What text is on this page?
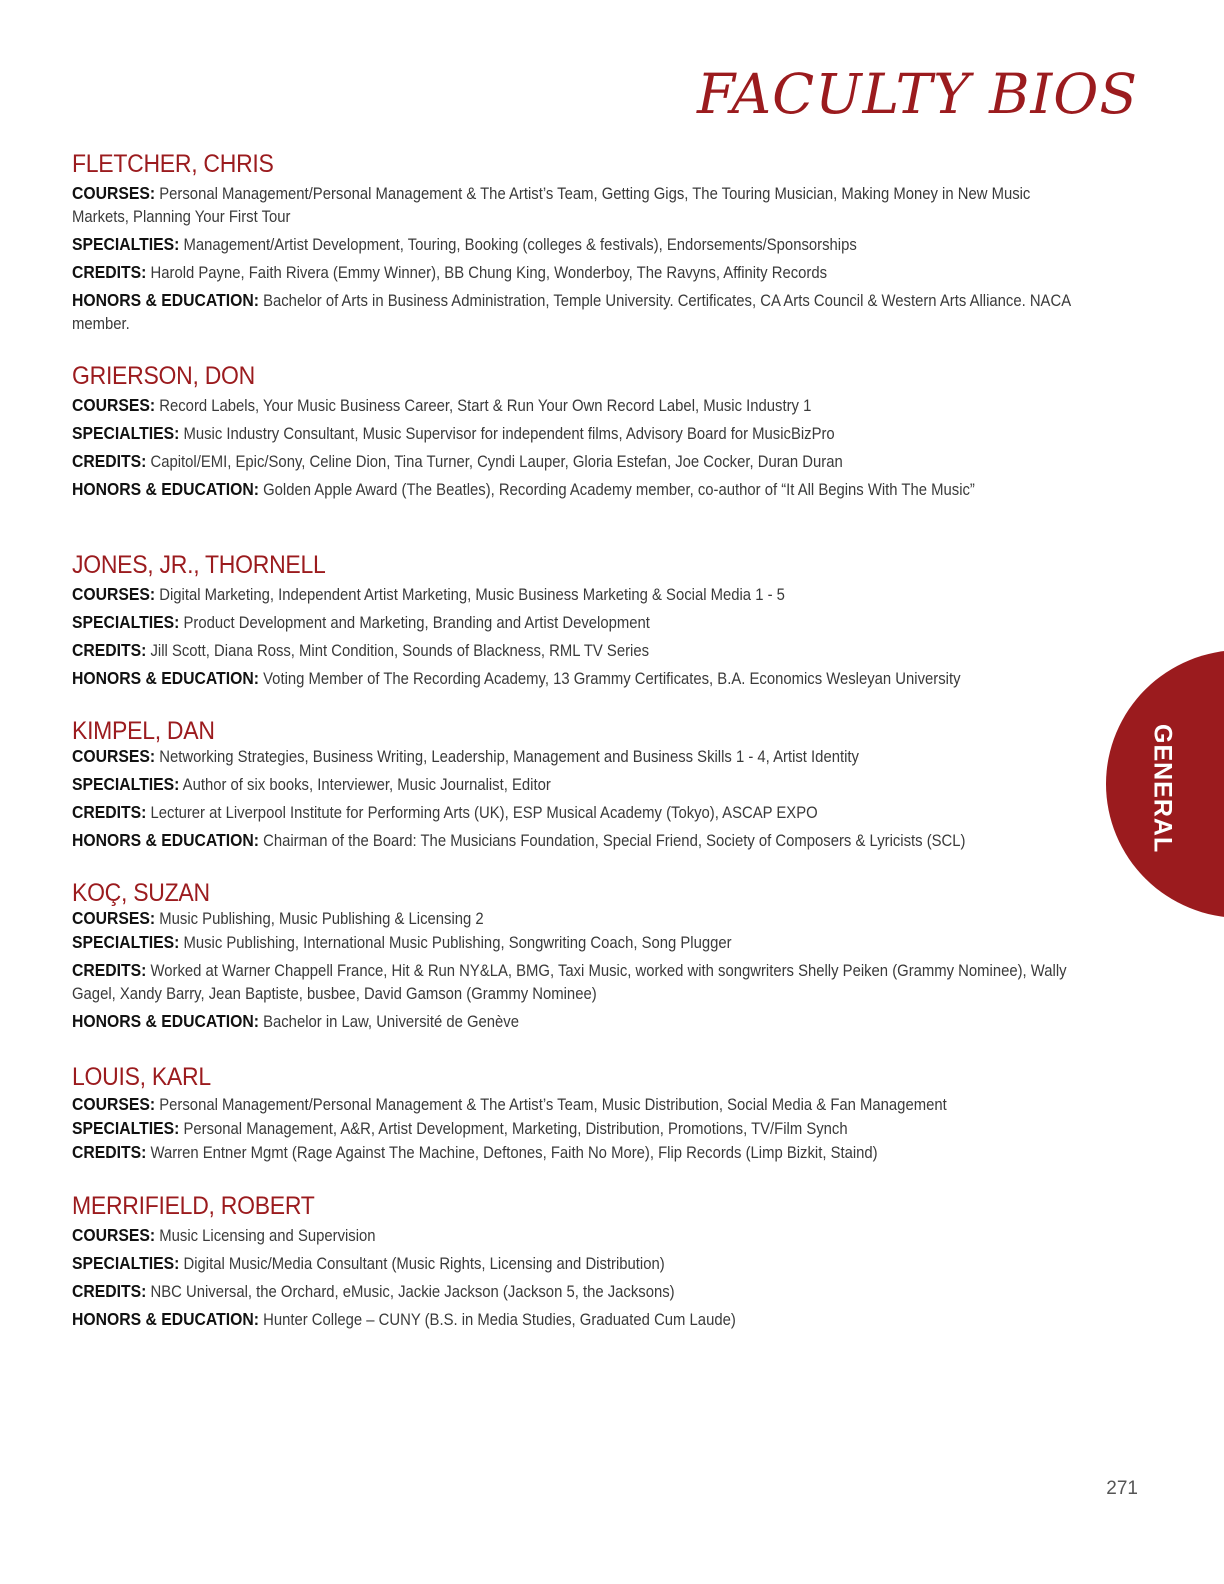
FACULTY BIOS
FLETCHER, CHRIS

COURSES: Personal Management/Personal Management & The Artist’s Team, Getting Gigs, The Touring Musician, Making Money in New Music Markets, Planning Your First Tour

SPECIALTIES: Management/Artist Development, Touring, Booking (colleges & festivals), Endorsements/Sponsorships

CREDITS: Harold Payne, Faith Rivera (Emmy Winner), BB Chung King, Wonderboy, The Ravyns, Affinity Records

HONORS & EDUCATION: Bachelor of Arts in Business Administration, Temple University. Certificates, CA Arts Council & Western Arts Alliance. NACA member.

GRIERSON, DON

COURSES: Record Labels, Your Music Business Career, Start & Run Your Own Record Label, Music Industry 1

SPECIALTIES: Music Industry Consultant, Music Supervisor for independent films, Advisory Board for MusicBizPro

CREDITS: Capitol/EMI, Epic/Sony, Celine Dion, Tina Turner, Cyndi Lauper, Gloria Estefan, Joe Cocker, Duran Duran

HONORS & EDUCATION: Golden Apple Award (The Beatles), Recording Academy member, co-author of “It All Begins With The Music”

JONES, JR., THORNELL

COURSES: Digital Marketing, Independent Artist Marketing, Music Business Marketing & Social Media 1 - 5

SPECIALTIES: Product Development and Marketing, Branding and Artist Development

CREDITS: Jill Scott, Diana Ross, Mint Condition, Sounds of Blackness, RML TV Series

HONORS & EDUCATION: Voting Member of The Recording Academy, 13 Grammy Certificates, B.A. Economics Wesleyan University

KIMPEL, DAN

COURSES: Networking Strategies, Business Writing, Leadership, Management and Business Skills 1 - 4, Artist Identity

SPECIALTIES: Author of six books, Interviewer, Music Journalist, Editor

CREDITS: Lecturer at Liverpool Institute for Performing Arts (UK), ESP Musical Academy (Tokyo), ASCAP EXPO

HONORS & EDUCATION: Chairman of the Board: The Musicians Foundation, Special Friend, Society of Composers & Lyricists (SCL)

KOÇ, SUZAN

COURSES: Music Publishing, Music Publishing & Licensing 2

SPECIALTIES: Music Publishing, International Music Publishing, Songwriting Coach, Song Plugger

CREDITS: Worked at Warner Chappell France, Hit & Run NY&LA, BMG, Taxi Music, worked with songwriters Shelly Peiken (Grammy Nominee), Wally Gagel, Xandy Barry, Jean Baptiste, busbee, David Gamson (Grammy Nominee)

HONORS & EDUCATION: Bachelor in Law, Université de Genève

LOUIS, KARL

COURSES: Personal Management/Personal Management & The Artist’s Team, Music Distribution, Social Media & Fan Management

SPECIALTIES: Personal Management, A&R, Artist Development, Marketing, Distribution, Promotions, TV/Film Synch

CREDITS: Warren Entner Mgmt (Rage Against The Machine, Deftones, Faith No More), Flip Records (Limp Bizkit, Staind)

MERRIFIELD, ROBERT

COURSES: Music Licensing and Supervision

SPECIALTIES: Digital Music/Media Consultant (Music Rights, Licensing and Distribution)

CREDITS: NBC Universal, the Orchard, eMusic, Jackie Jackson (Jackson 5, the Jacksons)

HONORS & EDUCATION: Hunter College – CUNY (B.S. in Media Studies, Graduated Cum Laude)

GENERAL
271
